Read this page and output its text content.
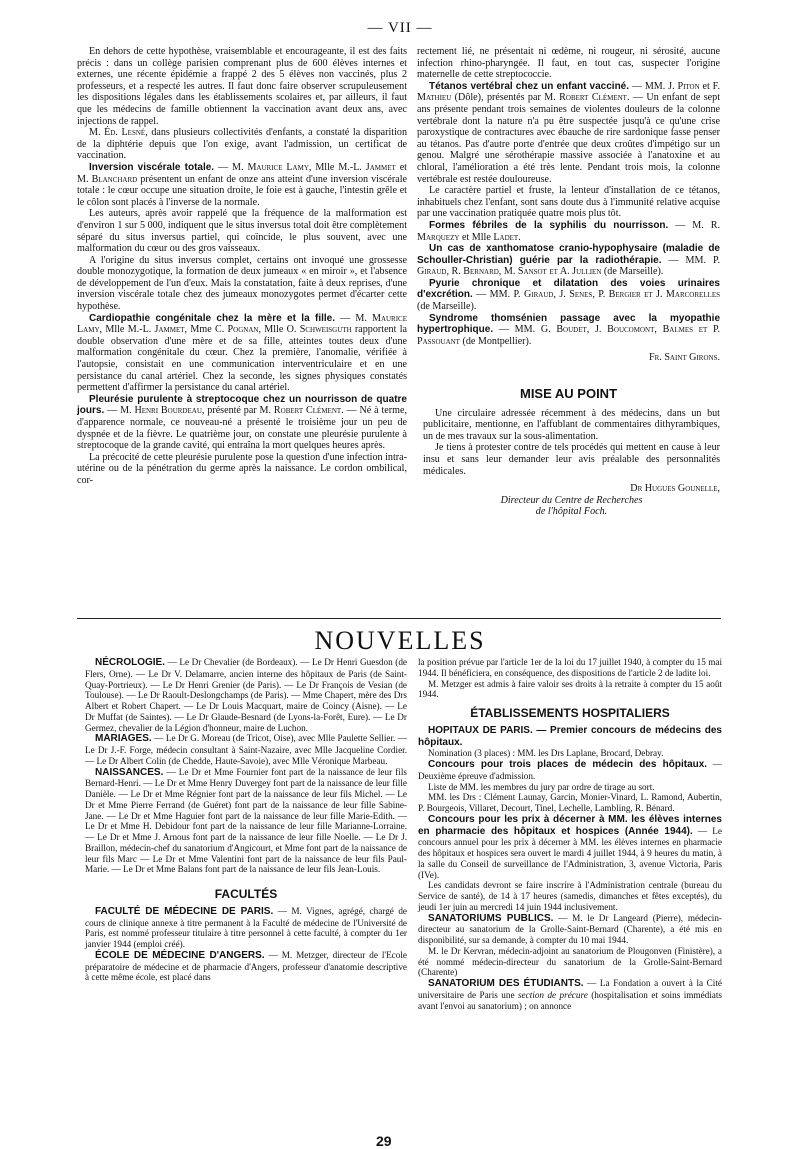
— VII —

En dehors de cette hypothèse, vraisemblable et encourageante, il est des faits précis : dans un collège parisien comprenant plus de 600 élèves internes et externes, une récente épidémie a frappé 2 des 5 élèves non vaccinés, plus 2 professeurs, et a respecté les autres. Il faut donc faire observer scrupuleusement les dispositions légales dans les établissements scolaires et, par ailleurs, il faut que les médecins de famille obtiennent la vaccination avant deux ans, avec injections de rappel.

M. Éd. Lesné, dans plusieurs collectivités d'enfants, a constaté la disparition de la diphtérie depuis que l'on exige, avant l'admission, un certificat de vaccination.

Inversion viscérale totale. — M. Maurice Lamy, Mlle M.-L. Jammet et M. Blanchard présentent un enfant de onze ans atteint d'une inversion viscérale totale : le cœur occupe une situation droite, le foie est à gauche, l'intestin grêle et le côlon sont placés à l'inverse de la normale.

Les auteurs, après avoir rappelé que la fréquence de la malformation est d'environ 1 sur 5 000, indiquent que le situs inversus total doit être complètement séparé du situs inversus partiel, qui coïncide, le plus souvent, avec une malformation du cœur ou des gros vaisseaux.

A l'origine du situs inversus complet, certains ont invoqué une grossesse double monozygotique, la formation de deux jumeaux « en miroir », et l'absence de développement de l'un d'eux. Mais la constatation, faite à deux reprises, d'une inversion viscérale totale chez des jumeaux monozygotes permet d'écarter cette hypothèse.

Cardiopathie congénitale chez la mère et la fille. — M. Maurice Lamy, Mlle M.-L. Jammet, Mme C. Pognan, Mlle O. Schweisguth rapportent la double observation d'une mère et de sa fille, atteintes toutes deux d'une malformation congénitale du cœur. Chez la première, l'anomalie, vérifiée à l'autopsie, consistait en une communication interventriculaire et en une persistance du canal artériel. Chez la seconde, les signes physiques constatés permettent d'affirmer la persistance du canal artériel.

Pleurésie purulente à streptocoque chez un nourrisson de quatre jours. — M. Henri Bourdeau, présenté par M. Robert Clément. — Né à terme, d'apparence normale, ce nouveau-né a présenté le troisième jour un peu de dyspnée et de la fièvre. Le quatrième jour, on constate une pleurésie purulente à streptocoque de la grande cavité, qui entraîna la mort quelques heures après.

La précocité de cette pleurésie purulente pose la question d'une infection intra-utérine ou de la pénétration du germe après la naissance. Le cordon ombilical, cor-

rectement lié, ne présentait ni œdème, ni rougeur, ni sérosité, aucune infection rhino-pharyngée. Il faut, en tout cas, suspecter l'origine maternelle de cette streptococcie.

Tétanos vertébral chez un enfant vacciné. — MM. J. Piton et F. Mathieu (Dôle), présentés par M. Robert Clément. — Un enfant de sept ans présente pendant trois semaines de violentes douleurs de la colonne vertébrale dont la nature n'a pu être suspectée jusqu'à ce qu'une crise paroxystique de contractures avec ébauche de rire sardonique fasse penser au tétanos. Pas d'autre porte d'entrée que deux croûtes d'impétigo sur un genou. Malgré une sérothérapie massive associée à l'anatoxine et au chloral, l'amélioration a été très lente. Pendant trois mois, la colonne vertébrale est restée douloureuse.

Le caractère partiel et fruste, la lenteur d'installation de ce tétanos, inhabituels chez l'enfant, sont sans doute dus à l'immunité relative acquise par une vaccination pratiquée quatre mois plus tôt.

Formes fébriles de la syphilis du nourrisson. — M. R. Marquezy et Mlle Ladet.

Un cas de xanthomatose cranio-hypophysaire (maladie de Schouller-Christian) guérie par la radiothérapie. — MM. P. Giraud, R. Bernard, M. Sansot et A. Jullien (de Marseille).

Pyurie chronique et dilatation des voies urinaires d'excrétion. — MM. P. Giraud, J. Senes, P. Bergier et J. Marcorelles (de Marseille).

Syndrome thomsénien passage avec la myopathie hypertrophique. — MM. G. Boudet, J. Boucomont, Balmes et P. Passouant (de Montpellier).

Fr. Saint Girons.

MISE AU POINT

Une circulaire adressée récemment à des médecins, dans un but publicitaire, mentionne, en l'affublant de commentaires dithyrambiques, un de mes travaux sur la sous-alimentation.

Je tiens à protester contre de tels procédés qui mettent en cause à leur insu et sans leur demander leur avis préalable des personnalités médicales.

Dr Hugues Gounelle,

Directeur du Centre de Recherches

de l'hôpital Foch.

NOUVELLES

NÉCROLOGIE. — Le Dr Chevalier (de Bordeaux). — Le Dr Henri Guesdon (de Flers, Orne). — Le Dr V. Delamarre, ancien interne des hôpitaux de Paris (de Saint-Quay-Portrieux). — Le Dr Henri Grenier (de Paris). — Le Dr François de Vesian (de Toulouse). — Le Dr Raoult-Deslongchamps (de Paris). — Mme Chapert, mère des Drs Albert et Robert Chapert. — Le Dr Louis Macquart, maire de Coincy (Aisne). — Le Dr Muffat (de Saintes). — Le Dr Glaude-Besnard (de Lyons-la-Forêt, Eure). — Le Dr Germez, chevalier de la Légion d'honneur, maire de Luchon.

MARIAGES. — Le Dr G. Moreau (de Tricot, Oise), avec Mlle Paulette Sellier. — Le Dr J.-F. Forge, médecin consultant à Saint-Nazaire, avec Mlle Jacqueline Cordier. — Le Dr Albert Colin (de Chedde, Haute-Savoie), avec Mlle Véronique Marbeau.

NAISSANCES. — Le Dr et Mme Fournier font part de la naissance de leur fils Bernard-Henri. — Le Dr et Mme Henry Duvergey font part de la naissance de leur fille Danièle. — Le Dr et Mme Régnier font part de la naissance de leur fils Michel. — Le Dr et Mme Pierre Ferrand (de Guéret) font part de la naissance de leur fille Sabine-Jane. — Le Dr et Mme Haguier font part de la naissance de leur fille Marie-Edith. — Le Dr et Mme H. Debidour font part de la naissance de leur fille Marianne-Lorraine. — Le Dr et Mme J. Arnous font part de la naissance de leur fille Noelle. — Le Dr J. Braillon, médecin-chef du sanatorium d'Angicourt, et Mme font part de la naissance de leur fils Marc — Le Dr et Mme Valentini font part de la naissance de leur fils Paul-Marie. — Le Dr et Mme Balans font part de la naissance de leur fils Jean-Louis.

FACULTÉS

FACULTÉ DE MÉDECINE DE PARIS. — M. Vignes, agrégé, chargé de cours de clinique annexe à titre permanent à la Faculté de médecine de l'Université de Paris, est nommé professeur titulaire à titre personnel à cette faculté, à compter du 1er janvier 1944 (emploi créé).

ÉCOLE DE MÉDECINE D'ANGERS. — M. Metzger, directeur de l'Ecole préparatoire de médecine et de pharmacie d'Angers, professeur d'anatomie descriptive à cette même école, est placé dans

la position prévue par l'article 1er de la loi du 17 juillet 1940, à compter du 15 mai 1944. Il bénéficiera, en conséquence, des dispositions de l'article 2 de ladite loi.

M. Metzger est admis à faire valoir ses droits à la retraite à compter du 15 août 1944.

ÉTABLISSEMENTS HOSPITALIERS

HOPITAUX DE PARIS. — Premier concours de médecins des hôpitaux.

Nomination (3 places) : MM. les Drs Laplane, Brocard, Debray.

Concours pour trois places de médecin des hôpitaux. — Deuxième épreuve d'admission.

Liste de MM. les membres du jury par ordre de tirage au sort.

MM. les Drs : Clément Launay, Garcin, Monier-Vinard, L. Ramond, Aubertin, P. Bourgeois, Villaret, Decourt, Tinel, Lechelle, Lambling, R. Bénard.

Concours pour les prix à décerner à MM. les élèves internes en pharmacie des hôpitaux et hospices (Année 1944). — Le concours annuel pour les prix à décerner à MM. les élèves internes en pharmacie des hôpitaux et hospices sera ouvert le mardi 4 juillet 1944, à 9 heures du matin, à la salle du Conseil de surveillance de l'Administration, 3, avenue Victoria, Paris (IVe).

Les candidats devront se faire inscrire à l'Administration centrale (bureau du Service de santé), de 14 à 17 heures (samedis, dimanches et fêtes exceptés), du jeudi 1er juin au mercredi 14 juin 1944 inclusivement.

SANATORIUMS PUBLICS. — M. le Dr Langeard (Pierre), médecin-directeur au sanatorium de la Grolle-Saint-Bernard (Charente), a été mis en disponibilité, sur sa demande, à compter du 10 mai 1944.

M. le Dr Kervran, médecin-adjoint au sanatorium de Plougonven (Finistère), a été nommé médecin-directeur du sanatorium de la Grolle-Saint-Bernard (Charente)

SANATORIUM DES ÉTUDIANTS. — La Fondation a ouvert à la Cité universitaire de Paris une section de précure (hospitalisation et soins immédiats avant l'envoi au sanatorium) ; on annonce

29
